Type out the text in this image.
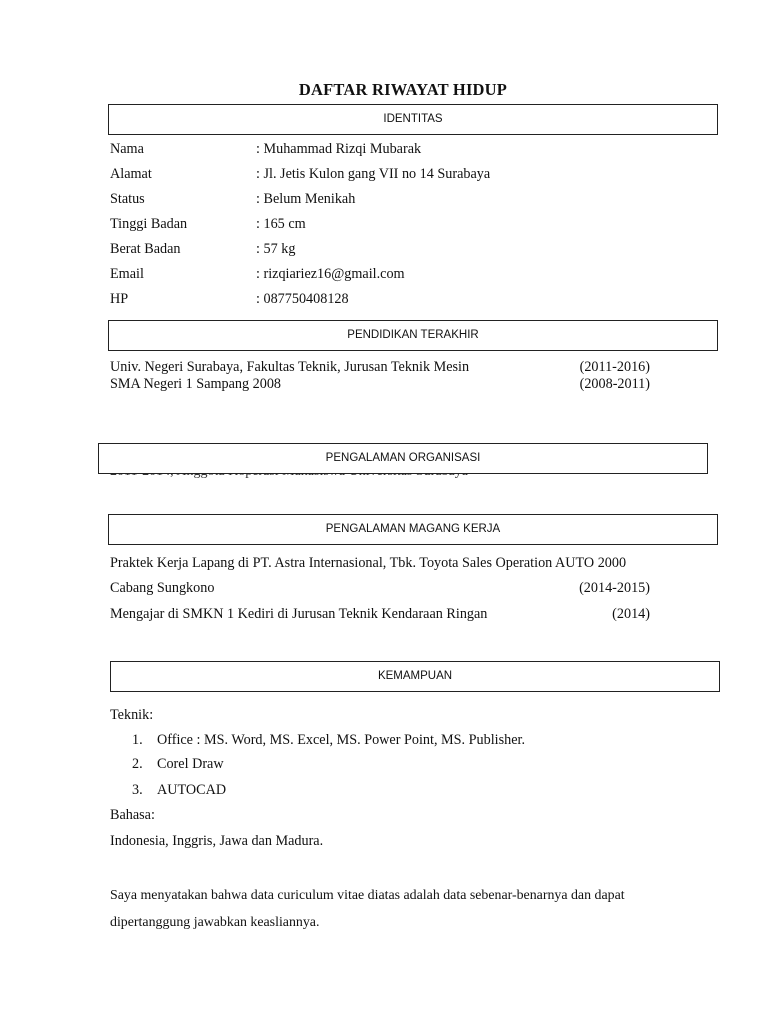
DAFTAR RIWAYAT HIDUP
IDENTITAS
Nama	: Muhammad Rizqi Mubarak
Alamat	: Jl. Jetis Kulon gang VII no 14 Surabaya
Status	: Belum Menikah
Tinggi Badan	: 165 cm
Berat Badan	: 57 kg
Email	: rizqiariez16@gmail.com
HP	: 087750408128
PENDIDIKAN TERAKHIR
Univ. Negeri Surabaya, Fakultas Teknik, Jurusan Teknik Mesin	(2011-2016)
SMA Negeri 1 Sampang 2008	(2008-2011)
PENGALAMAN ORGANISASI
PENGALAMAN MAGANG KERJA
Praktek Kerja Lapang di PT. Astra Internasional, Tbk. Toyota Sales Operation AUTO 2000
Cabang Sungkono	(2014-2015)
Mengajar di SMKN 1 Kediri di Jurusan Teknik Kendaraan Ringan	(2014)
KEMAMPUAN
Teknik:
1. Office : MS. Word, MS. Excel, MS. Power Point, MS. Publisher.
2. Corel Draw
3. AUTOCAD
Bahasa:
Indonesia, Inggris, Jawa dan Madura.
Saya menyatakan bahwa data curiculum vitae diatas adalah data sebenar-benarnya dan dapat
dipertanggung jawabkan keasliannya.
